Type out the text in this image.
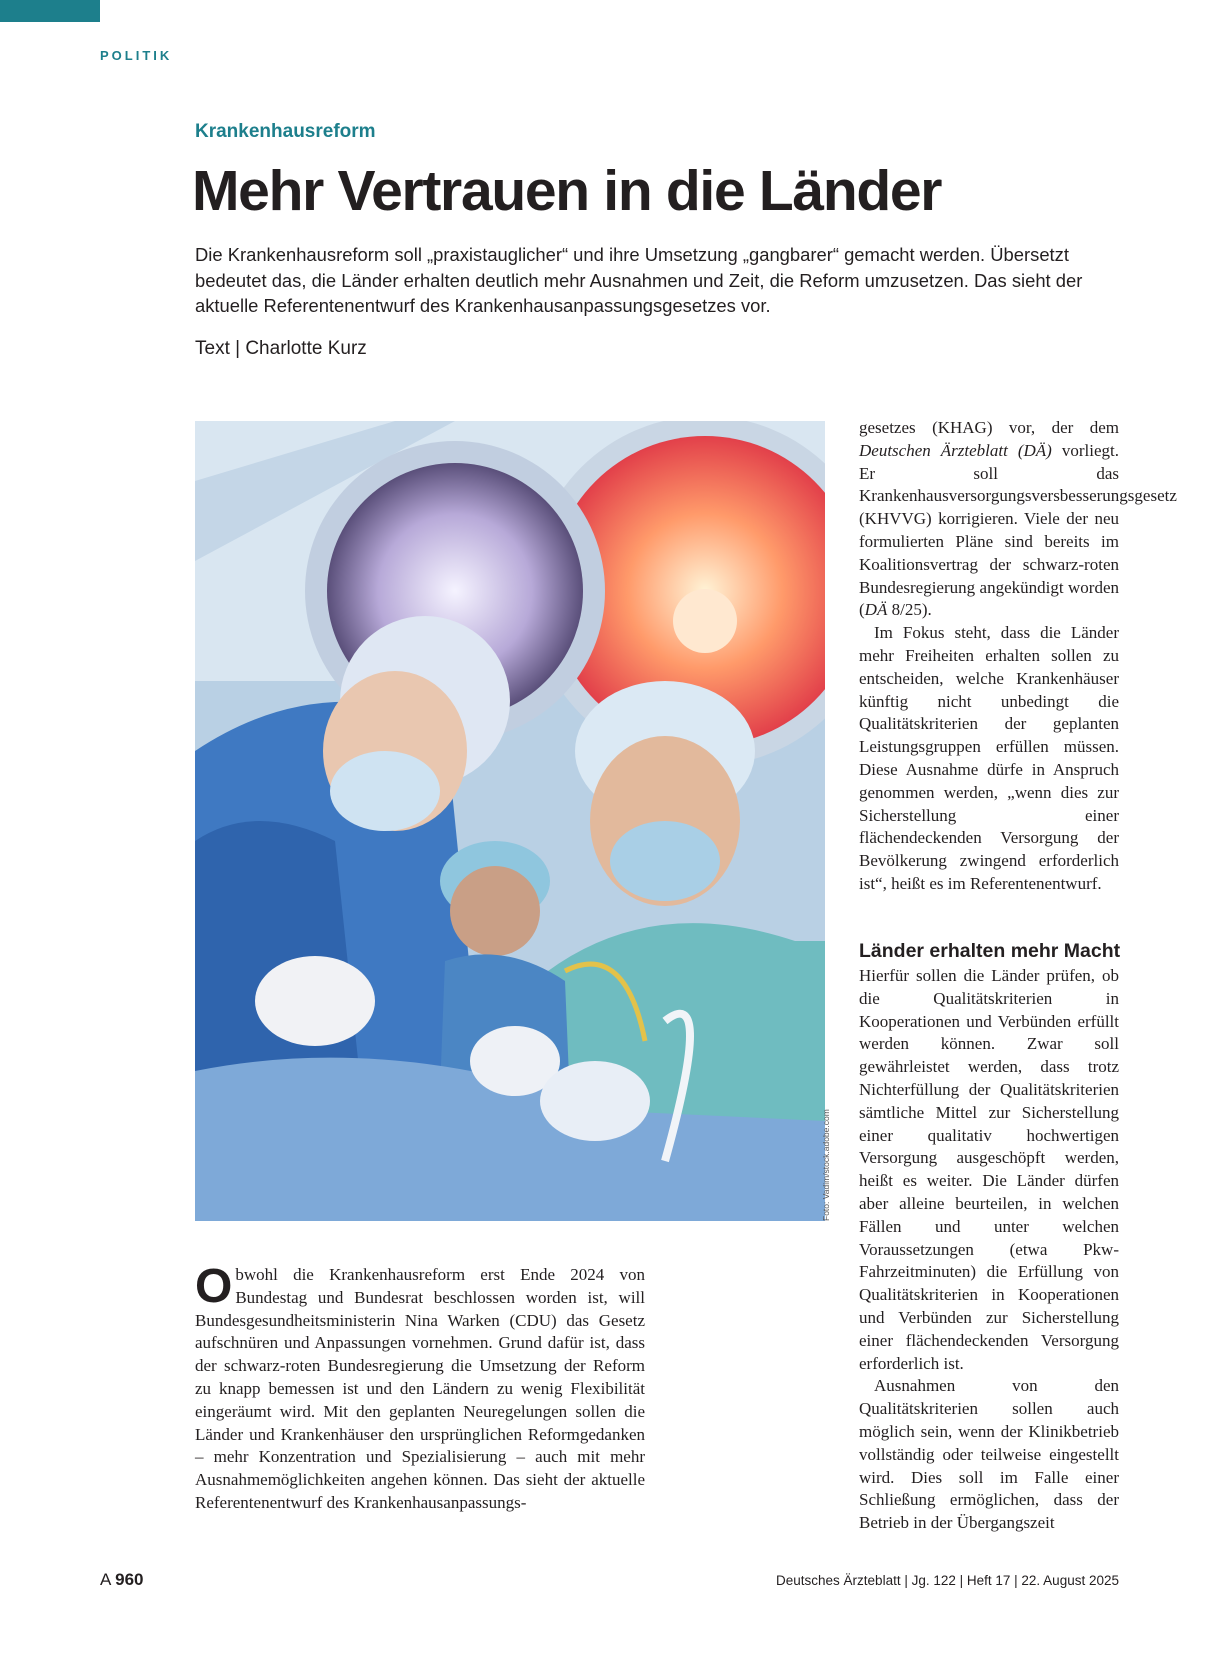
POLITIK
Krankenhausreform
Mehr Vertrauen in die Länder

Die Krankenhausreform soll „praxistauglicher“ und ihre Umsetzung „gangbarer“ gemacht werden. Übersetzt bedeutet das, die Länder erhalten deutlich mehr Ausnahmen und Zeit, die Reform umzusetzen. Das sieht der aktuelle Referentenentwurf des Krankenhausanpassungsgesetzes vor.

Text | Charlotte Kurz
Foto: Vadim/stock.adobe.com

Obwohl die Krankenhausreform erst Ende 2024 von Bundestag und Bundesrat beschlossen worden ist, will Bundesgesundheitsministerin Nina Warken (CDU) das Gesetz aufschnüren und Anpassungen vornehmen. Grund dafür ist, dass der schwarz-roten Bundesregierung die Umsetzung der Reform zu knapp bemessen ist und den Ländern zu wenig Flexibilität eingeräumt wird. Mit den geplanten Neuregelungen sollen die Länder und Krankenhäuser den ursprünglichen Reformgedanken – mehr Konzentration und Spezialisierung – auch mit mehr Ausnahmemöglichkeiten angehen können. Das sieht der aktuelle Referentenentwurf des Krankenhausanpassungs-

gesetzes (KHAG) vor, der dem Deutschen Ärzteblatt (DÄ) vorliegt. Er soll das Krankenhausversorgungsversbesserungsgesetz (KHVVG) korrigieren. Viele der neu formulierten Pläne sind bereits im Koalitionsvertrag der schwarz-roten Bundesregierung angekündigt worden (DÄ 8/25).

Im Fokus steht, dass die Länder mehr Freiheiten erhalten sollen zu entscheiden, welche Krankenhäuser künftig nicht unbedingt die Qualitätskriterien der geplanten Leistungsgruppen erfüllen müssen. Diese Ausnahme dürfe in Anspruch genommen werden, „wenn dies zur Sicherstellung einer flächendeckenden Versorgung der Bevölkerung zwingend erforderlich ist“, heißt es im Referentenentwurf.

Länder erhalten mehr Macht

Hierfür sollen die Länder prüfen, ob die Qualitätskriterien in Kooperationen und Verbünden erfüllt werden können. Zwar soll gewährleistet werden, dass trotz Nichterfüllung der Qualitätskriterien sämtliche Mittel zur Sicherstellung einer qualitativ hochwertigen Versorgung ausgeschöpft werden, heißt es weiter. Die Länder dürfen aber alleine beurteilen, in welchen Fällen und unter welchen Voraussetzungen (etwa Pkw-Fahrzeitminuten) die Erfüllung von Qualitätskriterien in Kooperationen und Verbünden zur Sicherstellung einer flächendeckenden Versorgung erforderlich ist.

Ausnahmen von den Qualitätskriterien sollen auch möglich sein, wenn der Klinikbetrieb vollständig oder teilweise eingestellt wird. Dies soll im Falle einer Schließung ermöglichen, dass der Betrieb in der Übergangszeit

A 960	Deutsches Ärzteblatt | Jg. 122 | Heft 17 | 22. August 2025
